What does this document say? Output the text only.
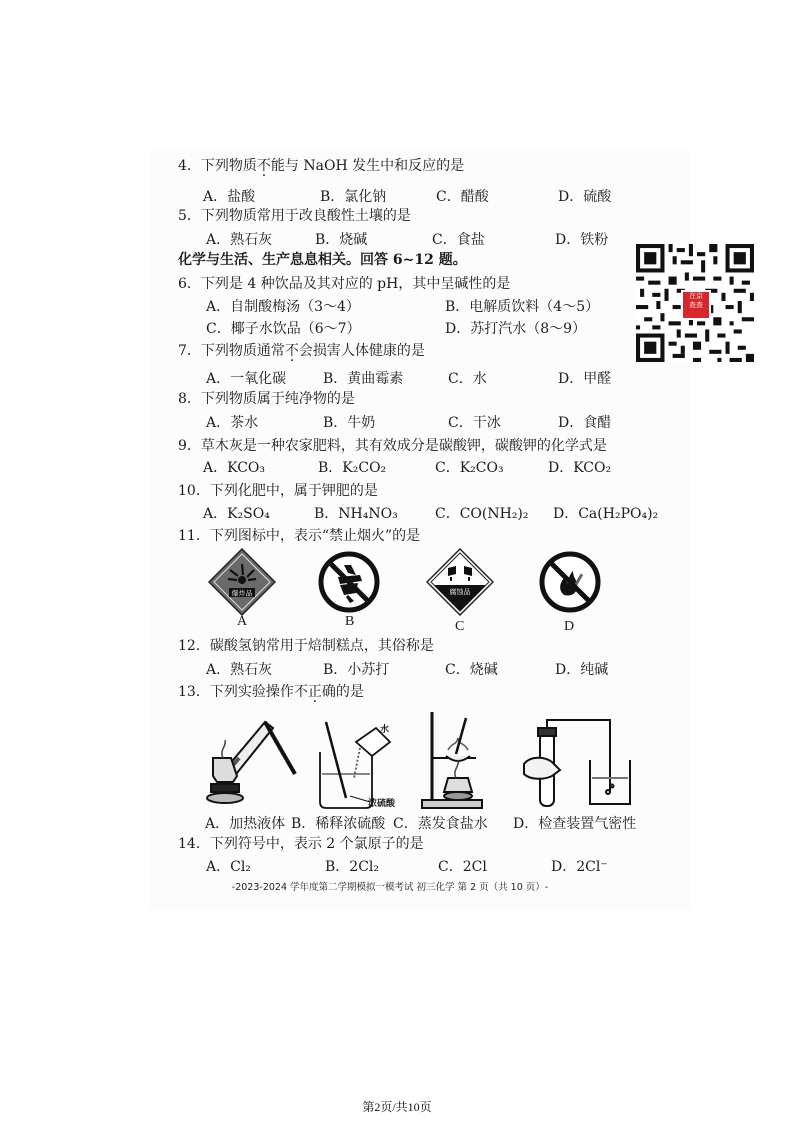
4．下列物质不能与 NaOH 发生中和反应的是
A．盐酸	B．氯化钠	C．醋酸	D．硫酸
5．下列物质常用于改良酸性土壤的是
A．熟石灰	B．烧碱	C．食盐	D．铁粉
化学与生活、生产息息相关。回答 6~12 题。
在京
查查
6．下列是 4 种饮品及其对应的 pH，其中呈碱性的是
A．自制酸梅汤（3～4）	B．电解质饮料（4～5）
C．椰子水饮品（6～7）	D．苏打汽水（8～9）
7．下列物质通常不会损害人体健康的是
A．一氧化碳	B．黄曲霉素	C．水	D．甲醛
8．下列物质属于纯净物的是
A．茶水	B．牛奶	C．干冰	D．食醋
9．草木灰是一种农家肥料，其有效成分是碳酸钾，碳酸钾的化学式是
A．KCO₃	B．K₂CO₂	C．K₂CO₃	D．KCO₂
10．下列化肥中，属于钾肥的是
A．K₂SO₄	B．NH₄NO₃	C．CO(NH₂)₂ D．Ca(H₂PO₄)₂
11．下列图标中，表示“禁止烟火”的是
爆炸品	腐蚀品
A	B	C	D
12．碳酸氢钠常用于焙制糕点，其俗称是
A．熟石灰	B．小苏打	C．烧碱	D．纯碱
13．下列实验操作不正确的是
水
浓硫酸
A．加热液体 B．稀释浓硫酸 C．蒸发食盐水 D．检查装置气密性
14．下列符号中，表示 2 个氯原子的是
A．Cl₂	B．2Cl₂	C．2Cl	D．2Cl⁻
-2023-2024 学年度第二学期模拟一模考试 初三化学 第 2 页（共 10 页）-
第2页/共10页
